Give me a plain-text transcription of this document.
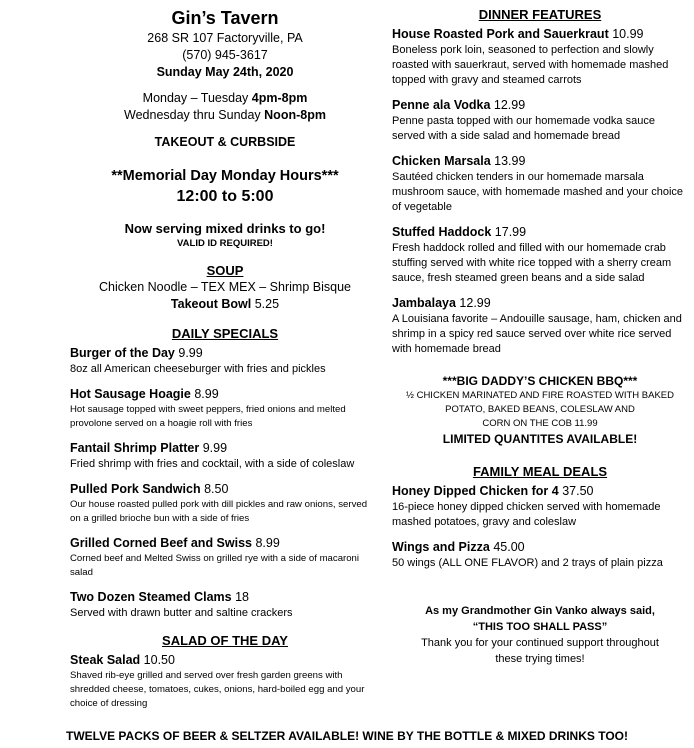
Gin’s Tavern
268 SR 107 Factoryville, PA
(570) 945-3617
Sunday May 24th, 2020
Monday – Tuesday 4pm-8pm
Wednesday thru Sunday Noon-8pm
TAKEOUT & CURBSIDE
**Memorial Day Monday Hours***
12:00 to 5:00
Now serving mixed drinks to go!
VALID ID REQUIRED!
SOUP
Chicken Noodle – TEX MEX – Shrimp Bisque
Takeout Bowl 5.25
DAILY SPECIALS
Burger of the Day 9.99
8oz all American cheeseburger with fries and pickles
Hot Sausage Hoagie 8.99
Hot sausage topped with sweet peppers, fried onions and melted provolone served on a hoagie roll with fries
Fantail Shrimp Platter 9.99
Fried shrimp with fries and cocktail, with a side of coleslaw
Pulled Pork Sandwich 8.50
Our house roasted pulled pork with dill pickles and raw onions, served on a grilled brioche bun with a side of fries
Grilled Corned Beef and Swiss 8.99
Corned beef and Melted Swiss on grilled rye with a side of macaroni salad
Two Dozen Steamed Clams 18
Served with drawn butter and saltine crackers
SALAD OF THE DAY
Steak Salad 10.50
Shaved rib-eye grilled and served over fresh garden greens with shredded cheese, tomatoes, cukes, onions, hard-boiled egg and your choice of dressing
DINNER FEATURES
House Roasted Pork and Sauerkraut 10.99
Boneless pork loin, seasoned to perfection and slowly roasted with sauerkraut, served with homemade mashed topped with gravy and steamed carrots
Penne ala Vodka 12.99
Penne pasta topped with our homemade vodka sauce served with a side salad and homemade bread
Chicken Marsala 13.99
Sautéed chicken tenders in our homemade marsala mushroom sauce, with homemade mashed and your choice of vegetable
Stuffed Haddock 17.99
Fresh haddock rolled and filled with our homemade crab stuffing served with white rice topped with a sherry cream sauce, fresh steamed green beans and a side salad
Jambalaya 12.99
A Louisiana favorite – Andouille sausage, ham, chicken and shrimp in a spicy red sauce served over white rice served with homemade bread
***BIG DADDY’S CHICKEN BBQ***
½ CHICKEN MARINATED AND FIRE ROASTED WITH BAKED
POTATO, BAKED BEANS, COLESLAW AND
CORN ON THE COB 11.99
LIMITED QUANTITES AVAILABLE!
FAMILY MEAL DEALS
Honey Dipped Chicken for 4 37.50
16-piece honey dipped chicken served with homemade mashed potatoes, gravy and coleslaw
Wings and Pizza 45.00
50 wings (ALL ONE FLAVOR) and 2 trays of plain pizza
As my Grandmother Gin Vanko always said,
“THIS TOO SHALL PASS”
Thank you for your continued support throughout
these trying times!
TWELVE PACKS OF BEER & SELTZER AVAILABLE! WINE BY THE BOTTLE & MIXED DRINKS TOO!
